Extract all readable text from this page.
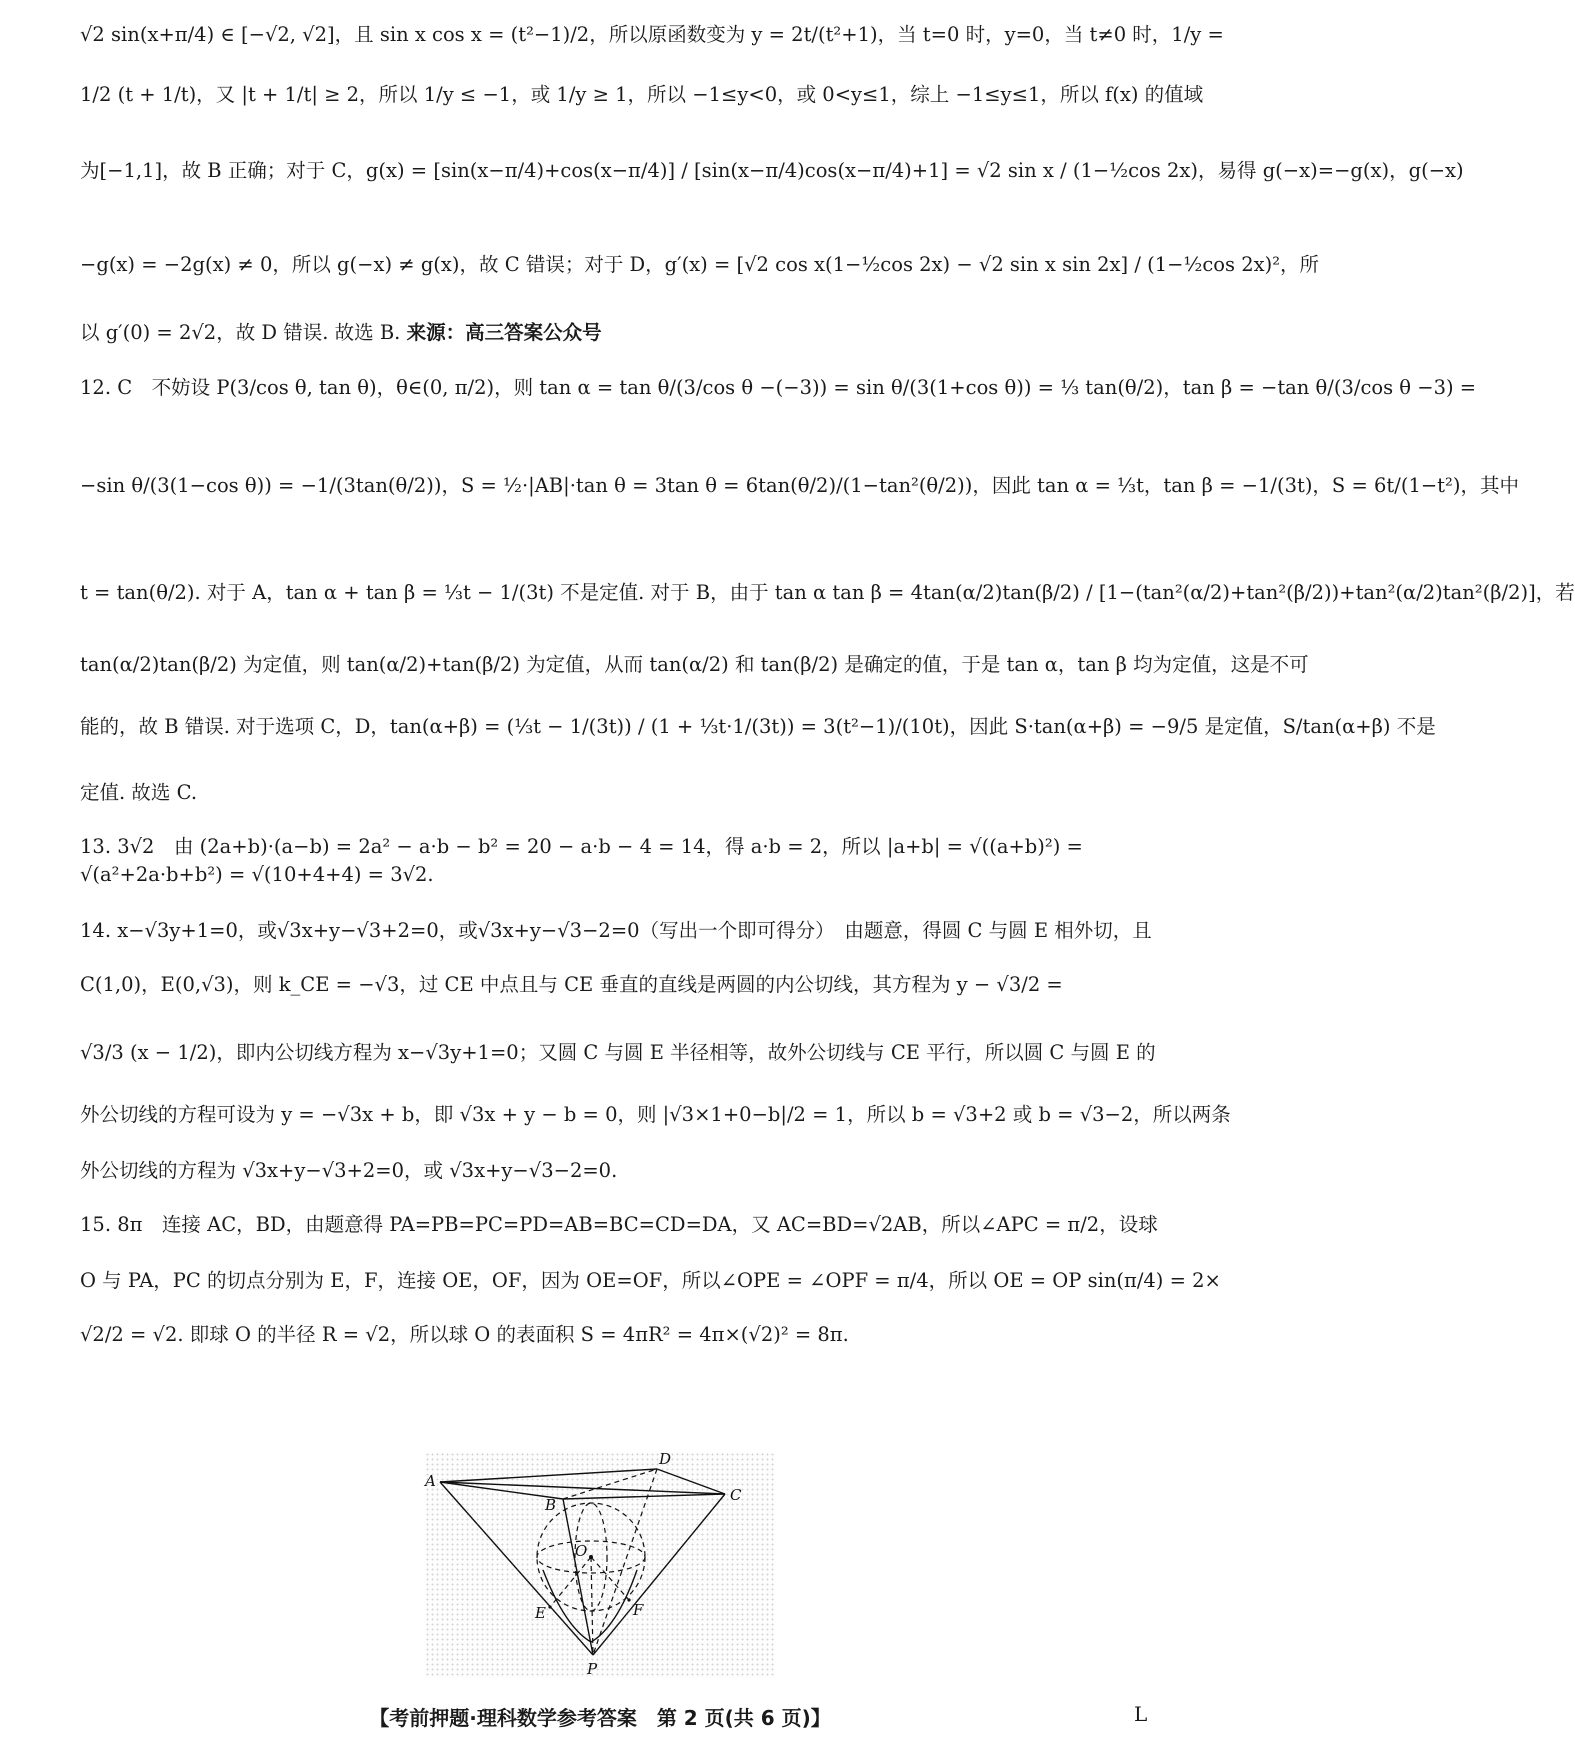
√2 sin(x+π/4) ∈ [−√2, √2]，且 sin x cos x = (t²−1)/2，所以原函数变为 y = 2t/(t²+1)，当 t=0 时，y=0，当 t≠0 时，1/y =
1/2 (t + 1/t)，又 |t + 1/t| ≥ 2，所以 1/y ≤ −1，或 1/y ≥ 1，所以 −1≤y<0，或 0<y≤1，综上 −1≤y≤1，所以 f(x) 的值域
为[−1,1]，故 B 正确；对于 C，g(x) = [sin(x−π/4)+cos(x−π/4)] / [sin(x−π/4)cos(x−π/4)+1] = √2 sin x / (1−½cos 2x)，易得 g(−x)=−g(x)，g(−x)
−g(x) = −2g(x) ≠ 0，所以 g(−x) ≠ g(x)，故 C 错误；对于 D，g′(x) = [√2 cos x(1−½cos 2x) − √2 sin x sin 2x] / (1−½cos 2x)²，所
以 g′(0) = 2√2，故 D 错误. 故选 B. 来源：高三答案公众号
12. C　不妨设 P(3/cos θ, tan θ)，θ∈(0, π/2)，则 tan α = tan θ/(3/cos θ −(−3)) = sin θ/(3(1+cos θ)) = ⅓ tan(θ/2)，tan β = −tan θ/(3/cos θ −3) =
−sin θ/(3(1−cos θ)) = −1/(3tan(θ/2))，S = ½·|AB|·tan θ = 3tan θ = 6tan(θ/2)/(1−tan²(θ/2))，因此 tan α = ⅓t，tan β = −1/(3t)，S = 6t/(1−t²)，其中
t = tan(θ/2). 对于 A，tan α + tan β = ⅓t − 1/(3t) 不是定值. 对于 B，由于 tan α tan β = 4tan(α/2)tan(β/2) / [1−(tan²(α/2)+tan²(β/2))+tan²(α/2)tan²(β/2)]，若
tan(α/2)tan(β/2) 为定值，则 tan(α/2)+tan(β/2) 为定值，从而 tan(α/2) 和 tan(β/2) 是确定的值，于是 tan α，tan β 均为定值，这是不可
能的，故 B 错误. 对于选项 C，D，tan(α+β) = (⅓t − 1/(3t)) / (1 + ⅓t·1/(3t)) = 3(t²−1)/(10t)，因此 S·tan(α+β) = −9/5 是定值，S/tan(α+β) 不是
定值. 故选 C.
13. 3√2　由 (2a+b)·(a−b) = 2a² − a·b − b² = 20 − a·b − 4 = 14，得 a·b = 2，所以 |a+b| = √((a+b)²) =
√(a²+2a·b+b²) = √(10+4+4) = 3√2.
14. x−√3y+1=0，或√3x+y−√3+2=0，或√3x+y−√3−2=0（写出一个即可得分）　由题意，得圆 C 与圆 E 相外切，且
C(1,0)，E(0,√3)，则 k_CE = −√3，过 CE 中点且与 CE 垂直的直线是两圆的内公切线，其方程为 y − √3/2 =
√3/3 (x − 1/2)，即内公切线方程为 x−√3y+1=0；又圆 C 与圆 E 半径相等，故外公切线与 CE 平行，所以圆 C 与圆 E 的
外公切线的方程可设为 y = −√3x + b，即 √3x + y − b = 0，则 |√3×1+0−b|/2 = 1，所以 b = √3+2 或 b = √3−2，所以两条
外公切线的方程为 √3x+y−√3+2=0，或 √3x+y−√3−2=0.
15. 8π　连接 AC，BD，由题意得 PA=PB=PC=PD=AB=BC=CD=DA，又 AC=BD=√2AB，所以∠APC = π/2，设球
O 与 PA，PC 的切点分别为 E，F，连接 OE，OF，因为 OE=OF，所以∠OPE = ∠OPF = π/4，所以 OE = OP sin(π/4) = 2×
√2/2 = √2. 即球 O 的半径 R = √2，所以球 O 的表面积 S = 4πR² = 4π×(√2)² = 8π.
A
B
C
D
O
E	F
P
【考前押题·理科数学参考答案　第 2 页(共 6 页)】	L
